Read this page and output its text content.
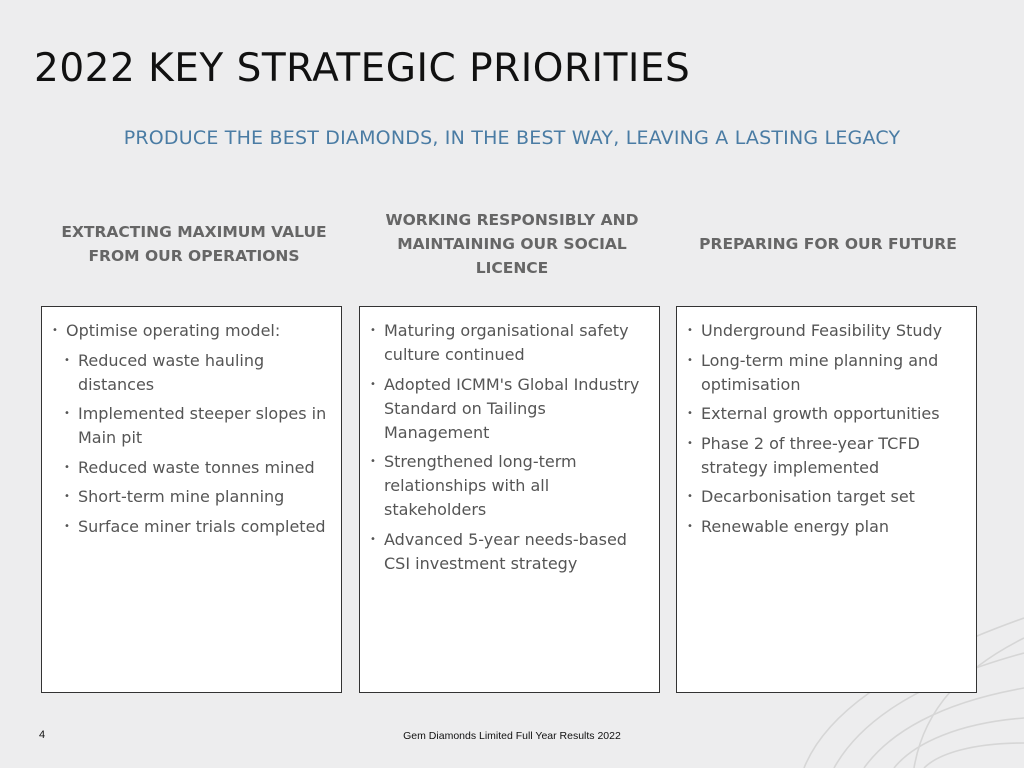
2022 KEY STRATEGIC PRIORITIES
PRODUCE THE BEST DIAMONDS, IN THE BEST WAY, LEAVING A LASTING LEGACY
EXTRACTING MAXIMUM VALUE
FROM OUR OPERATIONS
WORKING RESPONSIBLY AND
MAINTAINING OUR SOCIAL
LICENCE
PREPARING FOR OUR FUTURE
• Optimise operating model:
• Reduced waste hauling distances
• Implemented steeper slopes in Main pit
• Reduced waste tonnes mined
• Short-term mine planning
• Surface miner trials completed
• Maturing organisational safety culture continued
• Adopted ICMM's Global Industry Standard on Tailings Management
• Strengthened long-term relationships with all stakeholders
• Advanced 5-year needs-based CSI investment strategy
• Underground Feasibility Study
• Long-term mine planning and optimisation
• External growth opportunities
• Phase 2 of three-year TCFD strategy implemented
• Decarbonisation target set
• Renewable energy plan
4	Gem Diamonds Limited Full Year Results 2022
